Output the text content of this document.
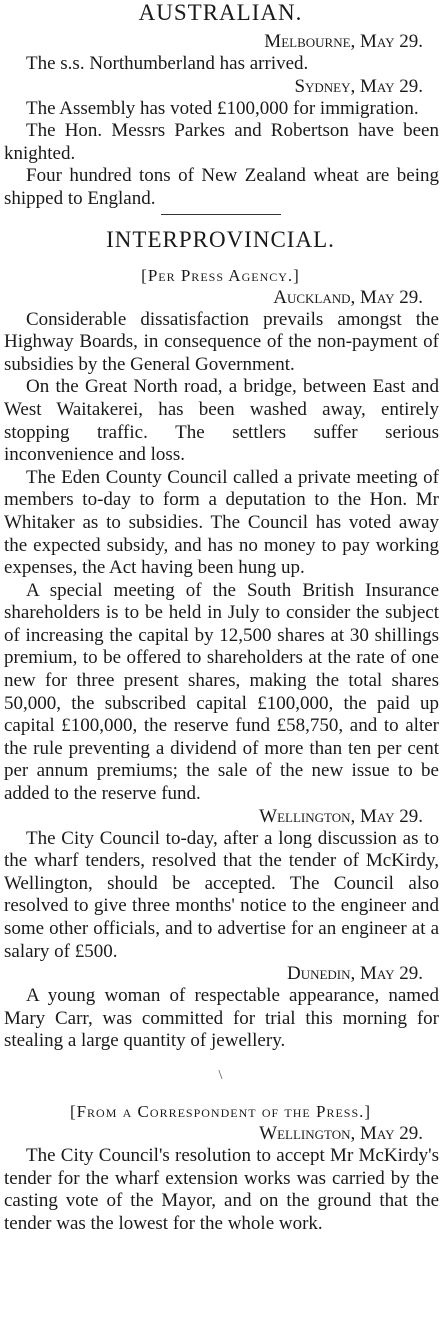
AUSTRALIAN.
Melbourne, May 29.

The s.s. Northumberland has arrived.

Sydney, May 29.

The Assembly has voted £100,000 for immigration.

The Hon. Messrs Parkes and Robertson have been knighted.

Four hundred tons of New Zealand wheat are being shipped to England.

INTERPROVINCIAL.
[Per Press Agency.]
Auckland, May 29.

Considerable dissatisfaction prevails amongst the Highway Boards, in consequence of the non-payment of subsidies by the General Government.

On the Great North road, a bridge, between East and West Waitakerei, has been washed away, entirely stopping traffic. The settlers suffer serious inconvenience and loss.

The Eden County Council called a private meeting of members to-day to form a deputation to the Hon. Mr Whitaker as to subsidies. The Council has voted away the expected subsidy, and has no money to pay working expenses, the Act having been hung up.

A special meeting of the South British Insurance shareholders is to be held in July to consider the subject of increasing the capital by 12,500 shares at 30 shillings premium, to be offered to shareholders at the rate of one new for three present shares, making the total shares 50,000, the subscribed capital £100,000, the paid up capital £100,000, the reserve fund £58,750, and to alter the rule preventing a dividend of more than ten per cent per annum premiums; the sale of the new issue to be added to the reserve fund.

Wellington, May 29.

The City Council to-day, after a long discussion as to the wharf tenders, resolved that the tender of McKirdy, Wellington, should be accepted. The Council also resolved to give three months' notice to the engineer and some other officials, and to advertise for an engineer at a salary of £500.

Dunedin, May 29.

A young woman of respectable appearance, named Mary Carr, was committed for trial this morning for stealing a large quantity of jewellery.

\
[From a Correspondent of the Press.]
Wellington, May 29.

The City Council's resolution to accept Mr McKirdy's tender for the wharf extension works was carried by the casting vote of the Mayor, and on the ground that the tender was the lowest for the whole work.
